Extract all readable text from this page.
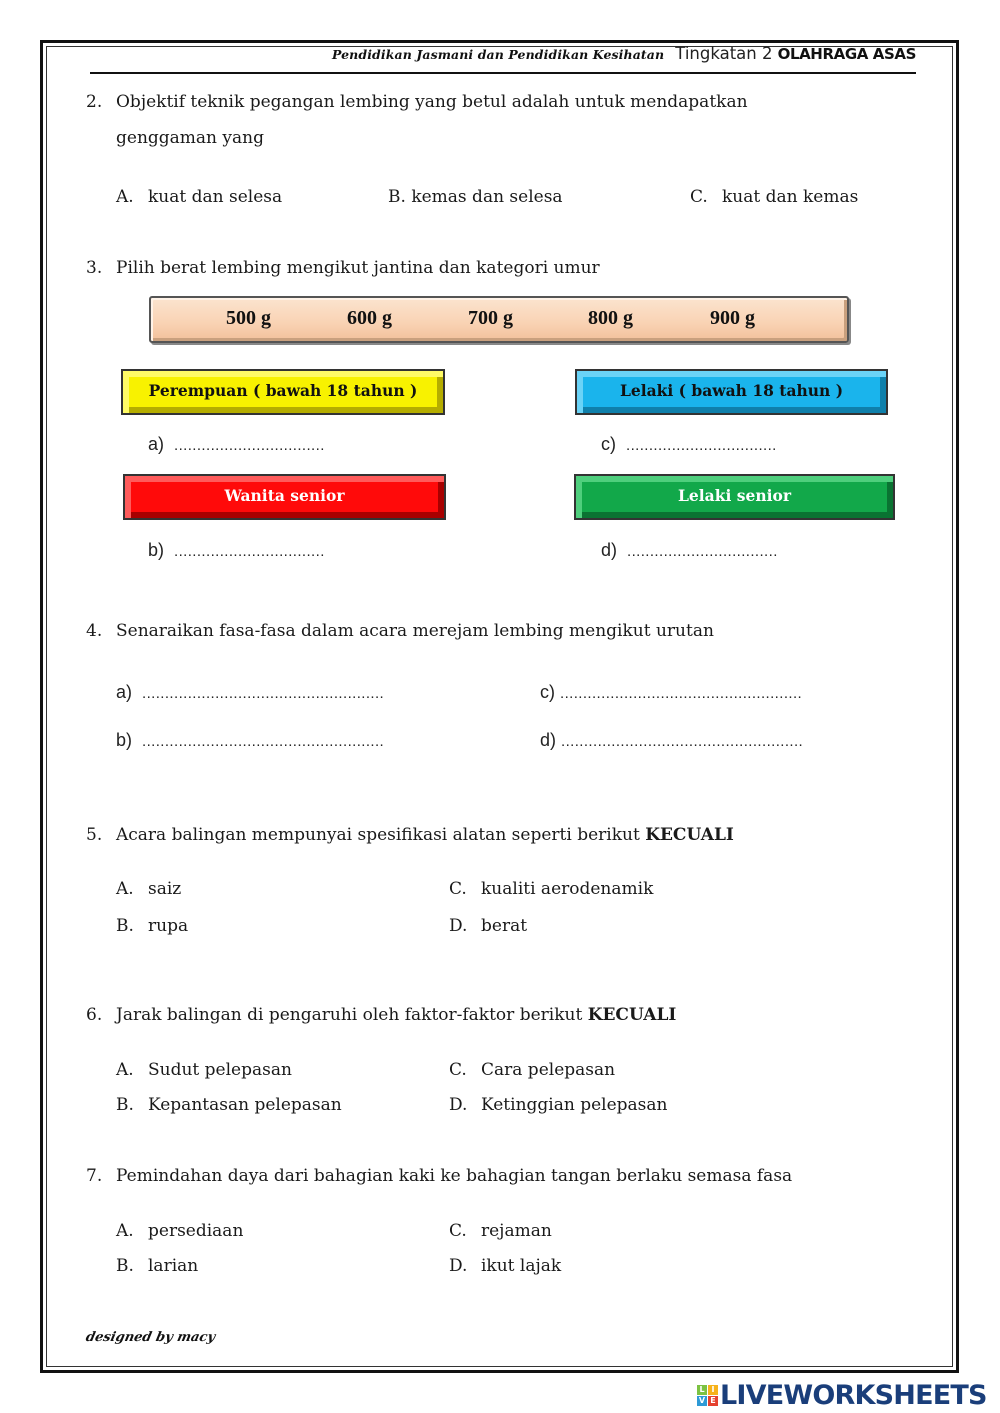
Pendidikan Jasmani dan Pendidikan Kesihatan Tingkatan 2 OLAHRAGA ASAS
2. Objektif teknik pegangan lembing yang betul adalah untuk mendapatkan
genggaman yang
A. kuat dan selesa	B. kemas dan selesa	C. kuat dan kemas
3. Pilih berat lembing mengikut jantina dan kategori umur
500 g	600 g	700 g	800 g	900 g
Perempuan ( bawah 18 tahun )	Lelaki ( bawah 18 tahun )
a) .................................	c) .................................
Wanita senior	Lelaki senior
b) .................................	d) .................................
4. Senaraikan fasa-fasa dalam acara merejam lembing mengikut urutan
a) .....................................................
b) .....................................................
c) .....................................................
d) .....................................................
5. Acara balingan mempunyai spesifikasi alatan seperti berikut KECUALI
A. saiz
B. rupa
C. kualiti aerodenamik
D. berat
6. Jarak balingan di pengaruhi oleh faktor-faktor berikut KECUALI
A. Sudut pelepasan
B. Kepantasan pelepasan
C. Cara pelepasan
D. Ketinggian pelepasan
7. Pemindahan daya dari bahagian kaki ke bahagian tangan berlaku semasa fasa
A. persediaan
B. larian
C. rejaman
D. ikut lajak
designed by macy
L I
V E LIVEWORKSHEETS
